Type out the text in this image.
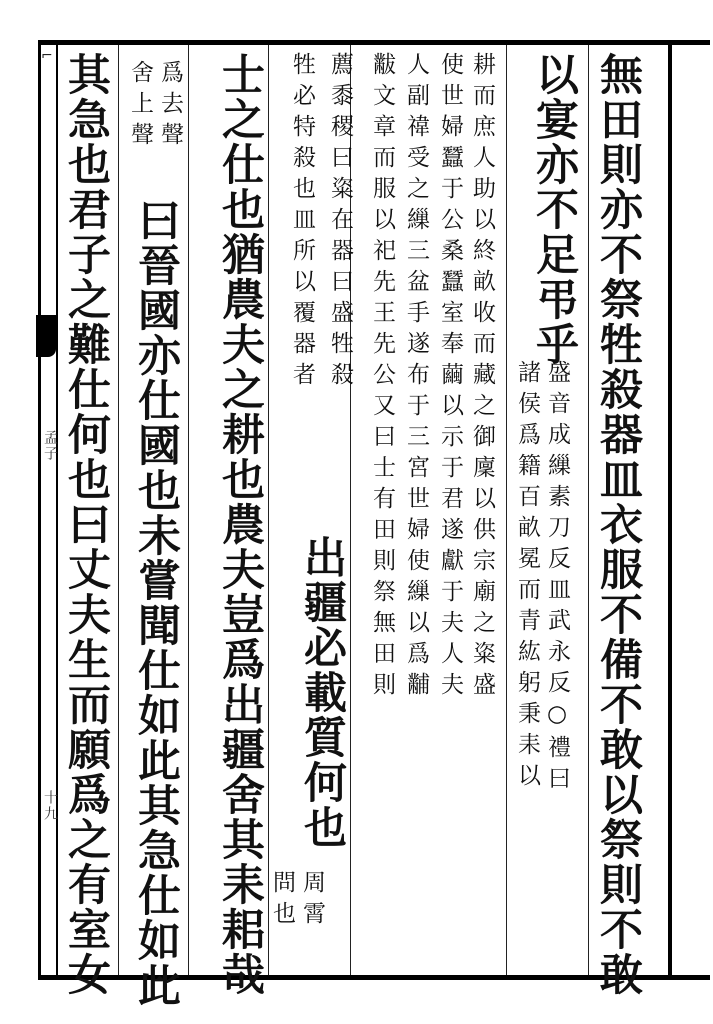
⌐
孟子
十九	無田則亦不祭牲殺器皿衣服不備不敢以祭則不敢
以宴亦不足弔乎
盛音成繅素刀反皿武永反○禮曰
諸侯爲籍百畝冕而青紘躬秉耒以
耕而庶人助以終畝收而藏之御廩以供宗廟之粢盛
使世婦蠶于公桑蠶室奉繭以示于君遂獻于夫人夫
人副禕受之繅三盆手遂布于三宮世婦使繅以爲黼
黻文章而服以祀先王先公又曰士有田則祭無田則
薦黍稷曰粢在器曰盛牲殺
牲必特殺也皿所以覆器者
出疆必載質何也
周霄
問也
士之仕也猶農夫之耕也農夫豈爲出疆舍其耒耜哉
爲去聲
舍上聲
曰晉國亦仕國也未嘗聞仕如此其急仕如此
其急也君子之難仕何也曰丈夫生而願爲之有室女
